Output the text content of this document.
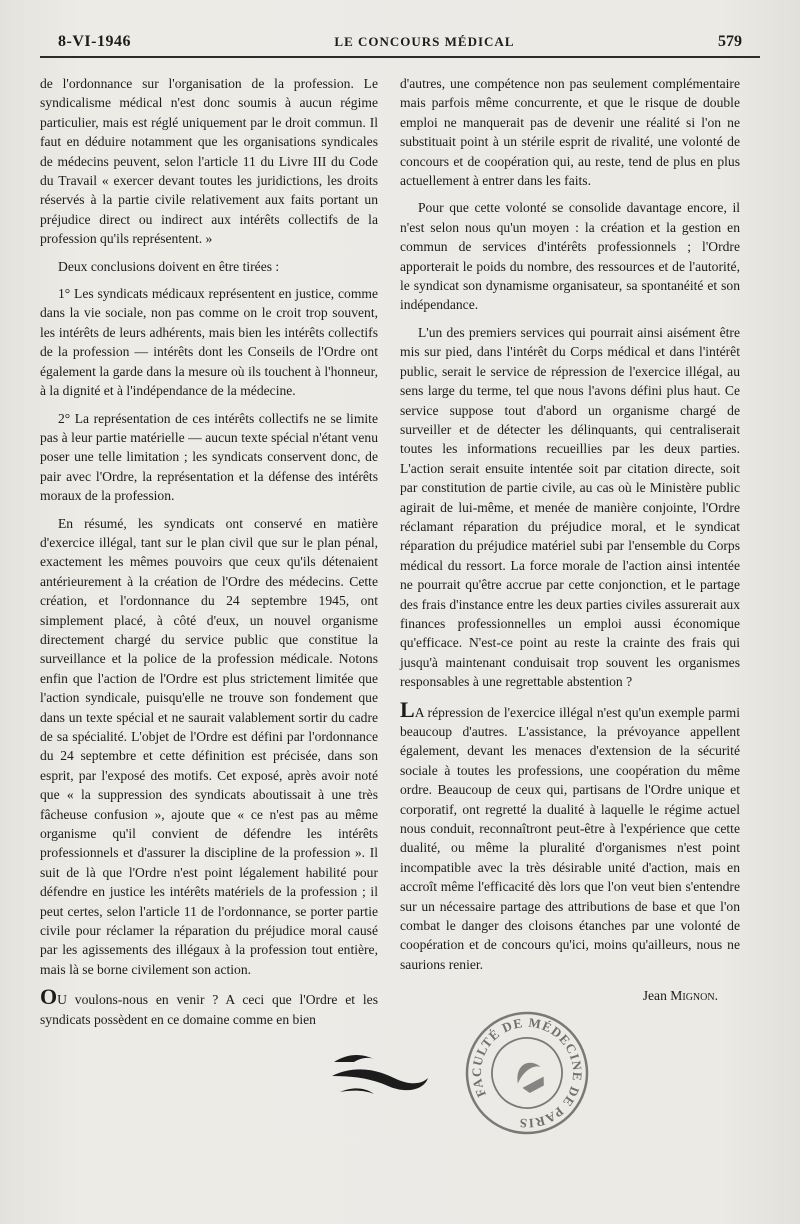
8-VI-1946	LE CONCOURS MÉDICAL	579

de l'ordonnance sur l'organisation de la profession. Le syndicalisme médical n'est donc soumis à aucun régime particulier, mais est réglé uniquement par le droit commun. Il faut en déduire notamment que les organisations syndicales de médecins peuvent, selon l'article 11 du Livre III du Code du Travail « exercer devant toutes les juridictions, les droits réservés à la partie civile relativement aux faits portant un préjudice direct ou indirect aux intérêts collectifs de la profession qu'ils représentent. »

Deux conclusions doivent en être tirées :

1° Les syndicats médicaux représentent en justice, comme dans la vie sociale, non pas comme on le croit trop souvent, les intérêts de leurs adhérents, mais bien les intérêts collectifs de la profession — intérêts dont les Conseils de l'Ordre ont également la garde dans la mesure où ils touchent à l'honneur, à la dignité et à l'indépendance de la médecine.

2° La représentation de ces intérêts collectifs ne se limite pas à leur partie matérielle — aucun texte spécial n'étant venu poser une telle limitation ; les syndicats conservent donc, de pair avec l'Ordre, la représentation et la défense des intérêts moraux de la profession.

En résumé, les syndicats ont conservé en matière d'exercice illégal, tant sur le plan civil que sur le plan pénal, exactement les mêmes pouvoirs que ceux qu'ils détenaient antérieurement à la création de l'Ordre des médecins. Cette création, et l'ordonnance du 24 septembre 1945, ont simplement placé, à côté d'eux, un nouvel organisme directement chargé du service public que constitue la surveillance et la police de la profession médicale. Notons enfin que l'action de l'Ordre est plus strictement limitée que l'action syndicale, puisqu'elle ne trouve son fondement que dans un texte spécial et ne saurait valablement sortir du cadre de sa spécialité. L'objet de l'Ordre est défini par l'ordonnance du 24 septembre et cette définition est précisée, dans son esprit, par l'exposé des motifs. Cet exposé, après avoir noté que « la suppression des syndicats aboutissait à une très fâcheuse confusion », ajoute que « ce n'est pas au même organisme qu'il convient de défendre les intérêts professionnels et d'assurer la discipline de la profession ». Il suit de là que l'Ordre n'est point légalement habilité pour défendre en justice les intérêts matériels de la profession ; il peut certes, selon l'article 11 de l'ordonnance, se porter partie civile pour réclamer la réparation du préjudice moral causé par les agissements des illégaux à la profession tout entière, mais là se borne civilement son action.

OU voulons-nous en venir ? A ceci que l'Ordre et les syndicats possèdent en ce domaine comme en bien

d'autres, une compétence non pas seulement complémentaire mais parfois même concurrente, et que le risque de double emploi ne manquerait pas de devenir une réalité si l'on ne substituait point à un stérile esprit de rivalité, une volonté de concours et de coopération qui, au reste, tend de plus en plus actuellement à entrer dans les faits.

Pour que cette volonté se consolide davantage encore, il n'est selon nous qu'un moyen : la création et la gestion en commun de services d'intérêts professionnels ; l'Ordre apporterait le poids du nombre, des ressources et de l'autorité, le syndicat son dynamisme organisateur, sa spontanéité et son indépendance.

L'un des premiers services qui pourrait ainsi aisément être mis sur pied, dans l'intérêt du Corps médical et dans l'intérêt public, serait le service de répression de l'exercice illégal, au sens large du terme, tel que nous l'avons défini plus haut. Ce service suppose tout d'abord un organisme chargé de surveiller et de détecter les délinquants, qui centraliserait toutes les informations recueillies par les deux parties. L'action serait ensuite intentée soit par citation directe, soit par constitution de partie civile, au cas où le Ministère public agirait de lui-même, et menée de manière conjointe, l'Ordre réclamant réparation du préjudice moral, et le syndicat réparation du préjudice matériel subi par l'ensemble du Corps médical du ressort. La force morale de l'action ainsi intentée ne pourrait qu'être accrue par cette conjonction, et le partage des frais d'instance entre les deux parties civiles assurerait aux finances professionnelles un emploi aussi économique qu'efficace. N'est-ce point au reste la crainte des frais qui jusqu'à maintenant conduisait trop souvent les organismes responsables à une regrettable abstention ?

LA répression de l'exercice illégal n'est qu'un exemple parmi beaucoup d'autres. L'assistance, la prévoyance appellent également, devant les menaces d'extension de la sécurité sociale à toutes les professions, une coopération du même ordre. Beaucoup de ceux qui, partisans de l'Ordre unique et corporatif, ont regretté la dualité à laquelle le régime actuel nous conduit, reconnaîtront peut-être à l'expérience que cette dualité, ou même la pluralité d'organismes n'est point incompatible avec la très désirable unité d'action, mais en accroît même l'efficacité dès lors que l'on veut bien s'entendre sur un nécessaire partage des attributions de base et que l'on combat le danger des cloisons étanches par une volonté de coopération et de concours qu'ici, moins qu'ailleurs, nous ne saurions renier.

Jean Mignon.

FACULTÉ DE MÉDECINE DE PARIS
